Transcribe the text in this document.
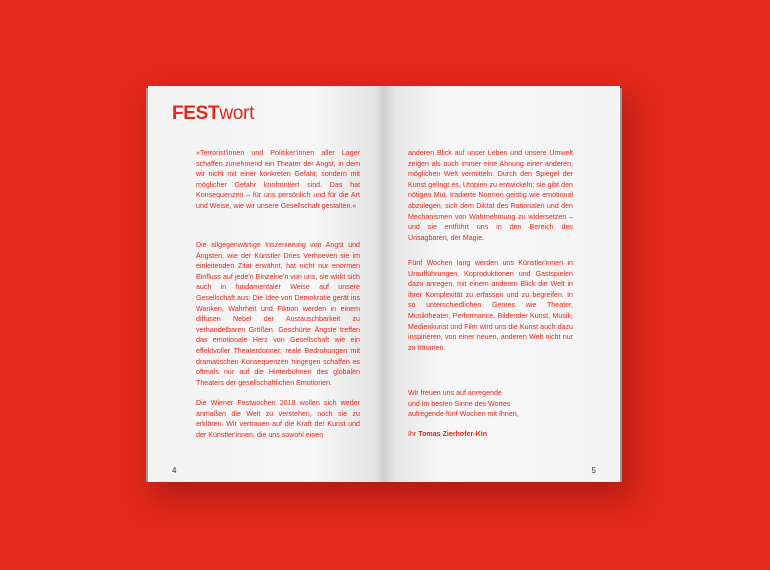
FESTwort

»Terrorist'innen und Politiker'innen aller Lager schaffen zunehmend ein Theater der Angst, in dem wir nicht mit einer konkreten Gefahr, sondern mit möglicher Gefahr konfrontiert sind. Das hat Konsequenzen – für uns persönlich und für die Art und Weise, wie wir unsere Gesellschaft gestalten.«

Die allgegenwärtige Inszenierung von Angst und Ängsten, wie der Künstler Dries Verhoeven sie im einleitenden Zitat erwähnt, hat nicht nur enormen Einfluss auf jede'n Einzelne'n von uns, sie wirkt sich auch in fundamentaler Weise auf unsere Gesellschaft aus: Die Idee von Demokratie gerät ins Wanken, Wahrheit und Fiktion werden in einem diffusen Nebel der Austauschbarkeit zu verhandelbaren Größen. Geschürte Ängste treffen das emotionale Herz von Gesellschaft wie ein effektvoller Theaterdonner; reale Bedrohungen mit dramatischen Konsequenzen hingegen schaffen es oftmals nur auf die Hinterbühnen des globalen Theaters der gesellschaftlichen Emotionen.

Die Wiener Festwochen 2018 wollen sich weder anmaßen die Welt zu verstehen, noch sie zu erklären. Wir vertrauen auf die Kraft der Kunst und der Künstler'innen, die uns sowohl einen

4

anderen Blick auf unser Leben und unsere Umwelt zeigen als auch immer eine Ahnung einer anderen, möglichen Welt vermitteln. Durch den Spiegel der Kunst gelingt es, Utopien zu entwickeln; sie gibt den nötigen Mut, tradierte Normen geistig wie emotional abzulegen, sich dem Diktat des Rationalen und den Mechanismen von Wahrnehmung zu widersetzen – und sie entführt uns in den Bereich des Unsagbaren, der Magie.

Fünf Wochen lang werden uns Künstler'innen in Uraufführungen, Koproduktionen und Gastspielen dazu anregen, mit einem anderen Blick die Welt in ihrer Komplexität zu erfassen und zu begreifen. In so unterschiedlichen Genres wie Theater, Musiktheater, Performance, Bildender Kunst, Musik, Medienkunst und Film wird uns die Kunst auch dazu inspirieren, von einer neuen, anderen Welt nicht nur zu träumen.

Wir freuen uns auf anregende

und im besten Sinne des Wortes

aufregende fünf Wochen mit Ihnen,

Ihr Tomas Zierhofer-Kin

5
